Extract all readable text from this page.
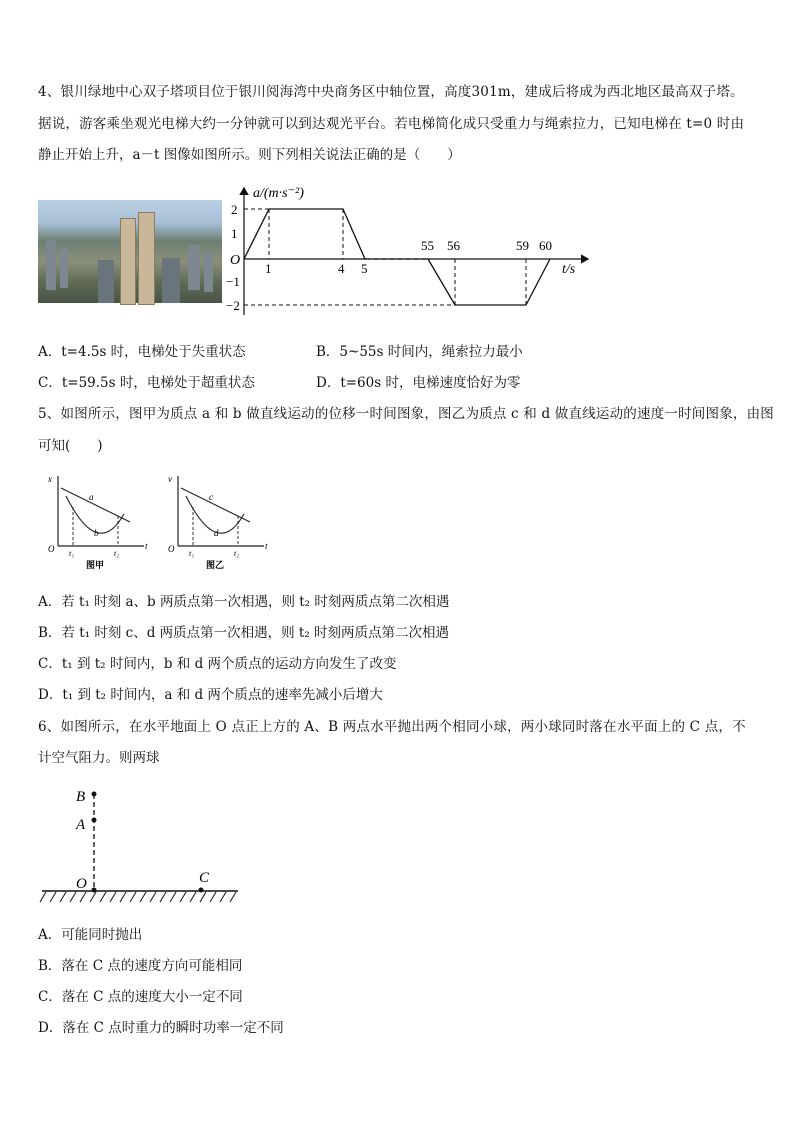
4、银川绿地中心双子塔项目位于银川阅海湾中央商务区中轴位置，高度301m，建成后将成为西北地区最高双子塔。
据说，游客乘坐观光电梯大约一分钟就可以到达观光平台。若电梯简化成只受重力与绳索拉力，已知电梯在 t=0 时由
静止开始上升，a－t 图像如图所示。则下列相关说法正确的是（　　）
a/(m·s⁻²)
t/s
O
2
1
−1
−2
1	4 5
55 56	59 60
A．t=4.5s 时，电梯处于失重状态	B．5~55s 时间内，绳索拉力最小
C．t=59.5s 时，电梯处于超重状态	D．t=60s 时，电梯速度恰好为零
5、如图所示，图甲为质点 a 和 b 做直线运动的位移一时间图象，图乙为质点 c 和 d 做直线运动的速度一时间图象，由图
可知(　　)
x
t
O t₁	t₂
a
b
图甲
v
t
O t₁	t₂
c
d
图乙
A．若 t₁ 时刻 a、b 两质点第一次相遇，则 t₂ 时刻两质点第二次相遇
B．若 t₁ 时刻 c、d 两质点第一次相遇，则 t₂ 时刻两质点第二次相遇
C．t₁ 到 t₂ 时间内，b 和 d 两个质点的运动方向发生了改变
D．t₁ 到 t₂ 时间内，a 和 d 两个质点的速率先减小后增大
6、如图所示，在水平地面上 O 点正上方的 A、B 两点水平抛出两个相同小球，两小球同时落在水平面上的 C 点，不
计空气阻力。则两球
B
A
O	C
A．可能同时抛出
B．落在 C 点的速度方向可能相同
C．落在 C 点的速度大小一定不同
D．落在 C 点时重力的瞬时功率一定不同
